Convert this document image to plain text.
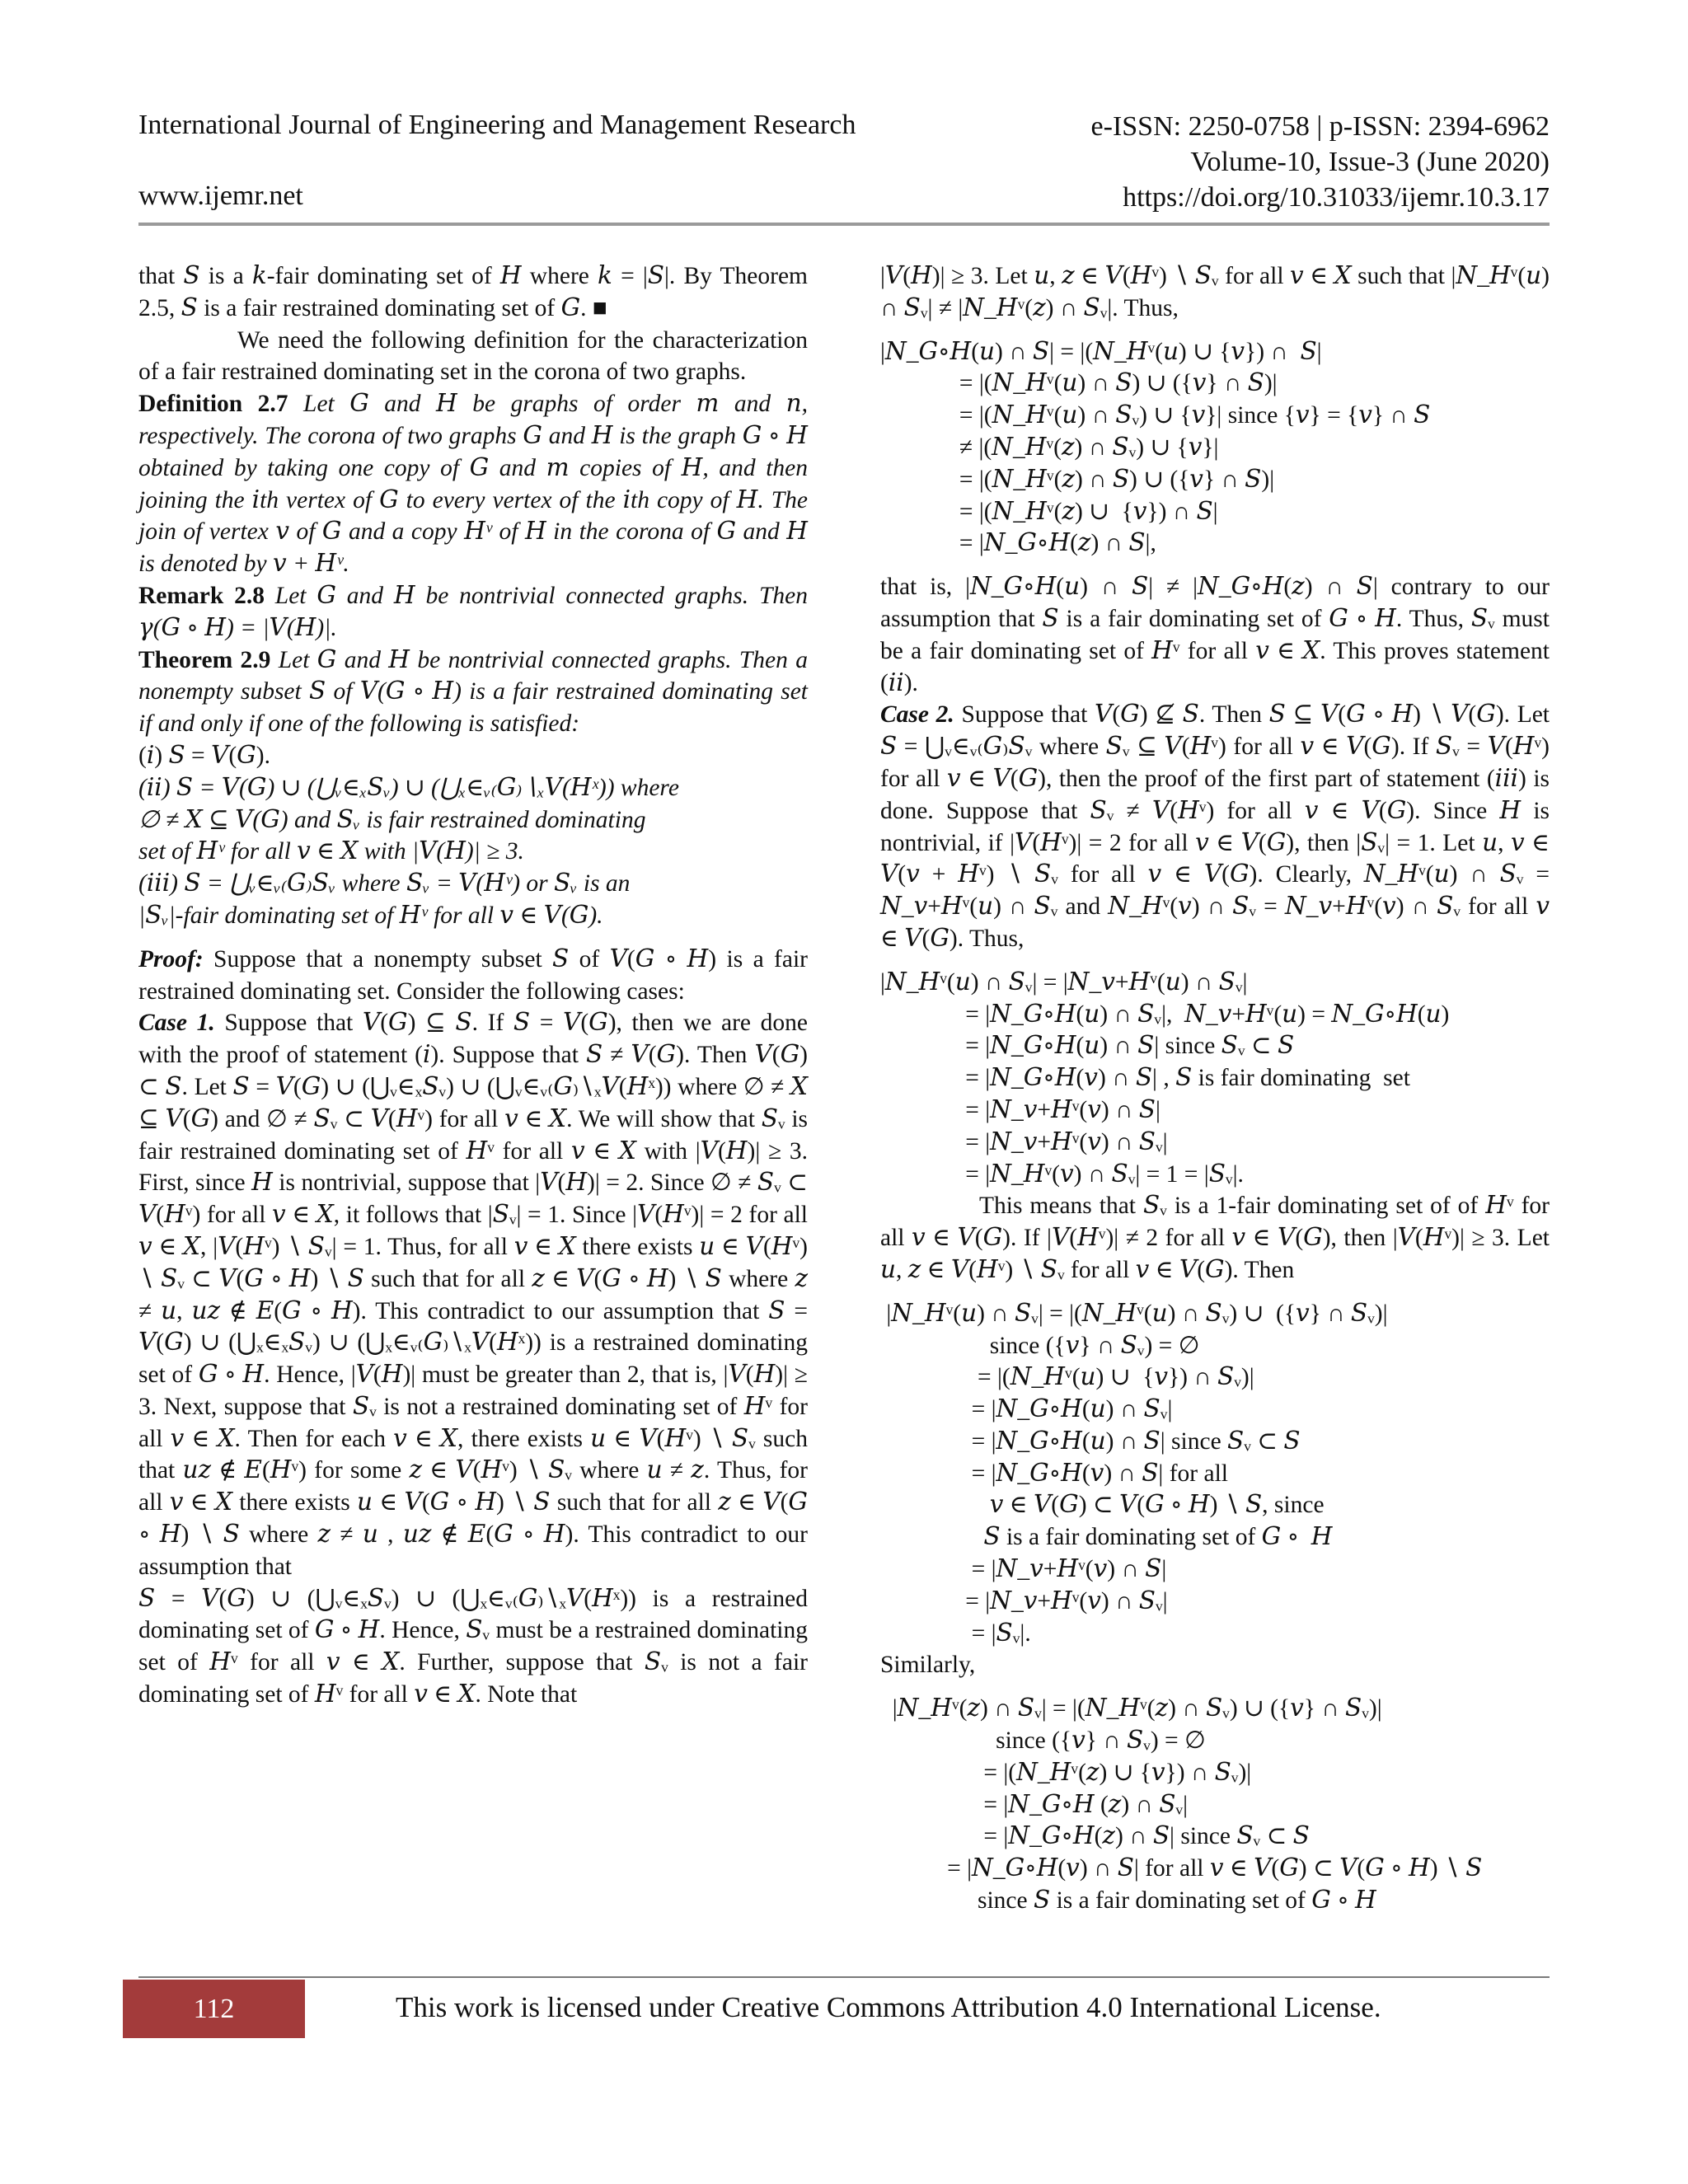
International Journal of Engineering and Management Research
www.ijemr.net
e-ISSN: 2250-0758 | p-ISSN: 2394-6962
Volume-10, Issue-3 (June 2020)
https://doi.org/10.31033/ijemr.10.3.17

that 𝑆 is a 𝑘-fair dominating set of 𝐻 where 𝑘 = |𝑆|. By Theorem 2.5, 𝑆 is a fair restrained dominating set of 𝐺. ■

We need the following definition for the characterization of a fair restrained dominating set in the corona of two graphs.

Definition 2.7 Let 𝐺 and 𝐻 be graphs of order 𝑚 and 𝑛, respectively. The corona of two graphs 𝐺 and 𝐻 is the graph 𝐺 ∘ 𝐻 obtained by taking one copy of 𝐺 and 𝑚 copies of 𝐻, and then joining the 𝑖th vertex of 𝐺 to every vertex of the 𝑖th copy of 𝐻. The join of vertex 𝑣 of 𝐺 and a copy 𝐻ᵛ of 𝐻 in the corona of 𝐺 and 𝐻 is denoted by 𝑣 + 𝐻ᵛ.

Remark 2.8 Let 𝐺 and 𝐻 be nontrivial connected graphs. Then 𝛾(𝐺 ∘ 𝐻) = |𝑉(𝐻)|.

Theorem 2.9 Let 𝐺 and 𝐻 be nontrivial connected graphs. Then a nonempty subset 𝑆 of 𝑉(𝐺 ∘ 𝐻) is a fair restrained dominating set if and only if one of the following is satisfied:

(𝑖) 𝑆 = 𝑉(𝐺).

(𝑖𝑖) 𝑆 = 𝑉(𝐺) ∪ (⋃ᵥ∈ₓ𝑆ᵥ) ∪ (⋃ₓ∈ᵥ₍𝐺₎∖ₓ𝑉(𝐻ˣ)) where

∅ ≠ 𝑋 ⊆ 𝑉(𝐺) and 𝑆ᵥ is fair restrained dominating

set of 𝐻ᵛ for all 𝑣 ∈ 𝑋 with |𝑉(𝐻)| ≥ 3.

(𝑖𝑖𝑖) 𝑆 = ⋃ᵥ∈ᵥ₍𝐺₎𝑆ᵥ where 𝑆ᵥ = 𝑉(𝐻ᵛ) or 𝑆ᵥ is an

|𝑆ᵥ|-fair dominating set of 𝐻ᵛ for all 𝑣 ∈ 𝑉(𝐺).

Proof: Suppose that a nonempty subset 𝑆 of 𝑉(𝐺 ∘ 𝐻) is a fair restrained dominating set. Consider the following cases:

Case 1. Suppose that 𝑉(𝐺) ⊆ 𝑆. If 𝑆 = 𝑉(𝐺), then we are done with the proof of statement (𝑖). Suppose that 𝑆 ≠ 𝑉(𝐺). Then 𝑉(𝐺) ⊂ 𝑆. Let 𝑆 = 𝑉(𝐺) ∪ (⋃ᵥ∈ₓ𝑆ᵥ) ∪ (⋃ᵥ∈ᵥ₍𝐺₎∖ₓ𝑉(𝐻ˣ)) where ∅ ≠ 𝑋 ⊆ 𝑉(𝐺) and ∅ ≠ 𝑆ᵥ ⊂ 𝑉(𝐻ᵛ) for all 𝑣 ∈ 𝑋. We will show that 𝑆ᵥ is fair restrained dominating set of 𝐻ᵛ for all 𝑣 ∈ 𝑋 with |𝑉(𝐻)| ≥ 3. First, since 𝐻 is nontrivial, suppose that |𝑉(𝐻)| = 2. Since ∅ ≠ 𝑆ᵥ ⊂ 𝑉(𝐻ᵛ) for all 𝑣 ∈ 𝑋, it follows that |𝑆ᵥ| = 1. Since |𝑉(𝐻ᵛ)| = 2 for all 𝑣 ∈ 𝑋, |𝑉(𝐻ᵛ) ∖ 𝑆ᵥ| = 1. Thus, for all 𝑣 ∈ 𝑋 there exists 𝑢 ∈ 𝑉(𝐻ᵛ) ∖ 𝑆ᵥ ⊂ 𝑉(𝐺 ∘ 𝐻) ∖ 𝑆 such that for all 𝑧 ∈ 𝑉(𝐺 ∘ 𝐻) ∖ 𝑆 where 𝑧 ≠ 𝑢, 𝑢𝑧 ∉ 𝐸(𝐺 ∘ 𝐻). This contradict to our assumption that 𝑆 = 𝑉(𝐺) ∪ (⋃ₓ∈ₓ𝑆ᵥ) ∪ (⋃ₓ∈ᵥ₍𝐺₎∖ₓ𝑉(𝐻ˣ)) is a restrained dominating set of 𝐺 ∘ 𝐻. Hence, |𝑉(𝐻)| must be greater than 2, that is, |𝑉(𝐻)| ≥ 3. Next, suppose that 𝑆ᵥ is not a restrained dominating set of 𝐻ᵛ for all 𝑣 ∈ 𝑋. Then for each 𝑣 ∈ 𝑋, there exists 𝑢 ∈ 𝑉(𝐻ᵛ) ∖ 𝑆ᵥ such that 𝑢𝑧 ∉ 𝐸(𝐻ᵛ) for some 𝑧 ∈ 𝑉(𝐻ᵛ) ∖ 𝑆ᵥ where 𝑢 ≠ 𝑧. Thus, for all 𝑣 ∈ 𝑋 there exists 𝑢 ∈ 𝑉(𝐺 ∘ 𝐻) ∖ 𝑆 such that for all 𝑧 ∈ 𝑉(𝐺 ∘ 𝐻) ∖ 𝑆 where 𝑧 ≠ 𝑢 , 𝑢𝑧 ∉ 𝐸(𝐺 ∘ 𝐻). This contradict to our assumption that

𝑆 = 𝑉(𝐺) ∪ (⋃ᵥ∈ₓ𝑆ᵥ) ∪ (⋃ₓ∈ᵥ₍𝐺₎∖ₓ𝑉(𝐻ˣ)) is a restrained dominating set of 𝐺 ∘ 𝐻. Hence, 𝑆ᵥ must be a restrained dominating set of 𝐻ᵛ for all 𝑣 ∈ 𝑋. Further, suppose that 𝑆ᵥ is not a fair dominating set of 𝐻ᵛ for all 𝑣 ∈ 𝑋. Note that

|𝑉(𝐻)| ≥ 3. Let 𝑢, 𝑧 ∈ 𝑉(𝐻ᵛ) ∖ 𝑆ᵥ for all 𝑣 ∈ 𝑋 such that |𝑁_𝐻ᵛ(𝑢) ∩ 𝑆ᵥ| ≠ |𝑁_𝐻ᵛ(𝑧) ∩ 𝑆ᵥ|. Thus,

|𝑁_𝐺∘𝐻(𝑢) ∩ 𝑆| = |(𝑁_𝐻ᵛ(𝑢) ∪ {𝑣}) ∩  𝑆|
= |(𝑁_𝐻ᵛ(𝑢) ∩ 𝑆) ∪ ({𝑣} ∩ 𝑆)|
= |(𝑁_𝐻ᵛ(𝑢) ∩ 𝑆ᵥ) ∪ {𝑣}| since {𝑣} = {𝑣} ∩ 𝑆
≠ |(𝑁_𝐻ᵛ(𝑧) ∩ 𝑆ᵥ) ∪ {𝑣}|
= |(𝑁_𝐻ᵛ(𝑧) ∩ 𝑆) ∪ ({𝑣} ∩ 𝑆)|
= |(𝑁_𝐻ᵛ(𝑧) ∪  {𝑣}) ∩ 𝑆|
= |𝑁_𝐺∘𝐻(𝑧) ∩ 𝑆|,

that is, |𝑁_𝐺∘𝐻(𝑢) ∩ 𝑆| ≠ |𝑁_𝐺∘𝐻(𝑧) ∩ 𝑆| contrary to our assumption that 𝑆 is a fair dominating set of 𝐺 ∘ 𝐻. Thus, 𝑆ᵥ must be a fair dominating set of 𝐻ᵛ for all 𝑣 ∈ 𝑋. This proves statement (𝑖𝑖).

Case 2. Suppose that 𝑉(𝐺) ⊈ 𝑆. Then 𝑆 ⊆ 𝑉(𝐺 ∘ 𝐻) ∖ 𝑉(𝐺). Let 𝑆 = ⋃ᵥ∈ᵥ₍𝐺₎𝑆ᵥ where 𝑆ᵥ ⊆ 𝑉(𝐻ᵛ) for all 𝑣 ∈ 𝑉(𝐺). If 𝑆ᵥ = 𝑉(𝐻ᵛ) for all 𝑣 ∈ 𝑉(𝐺), then the proof of the first part of statement (𝑖𝑖𝑖) is done. Suppose that 𝑆ᵥ ≠ 𝑉(𝐻ᵛ) for all 𝑣 ∈ 𝑉(𝐺). Since 𝐻 is nontrivial, if |𝑉(𝐻ᵛ)| = 2 for all 𝑣 ∈ 𝑉(𝐺), then |𝑆ᵥ| = 1. Let 𝑢, 𝑣 ∈ 𝑉(𝑣 + 𝐻ᵛ) ∖ 𝑆ᵥ for all 𝑣 ∈ 𝑉(𝐺). Clearly, 𝑁_𝐻ᵛ(𝑢) ∩ 𝑆ᵥ = 𝑁_𝑣+𝐻ᵛ(𝑢) ∩ 𝑆ᵥ and 𝑁_𝐻ᵛ(𝑣) ∩ 𝑆ᵥ = 𝑁_𝑣+𝐻ᵛ(𝑣) ∩ 𝑆ᵥ for all 𝑣 ∈ 𝑉(𝐺). Thus,

|𝑁_𝐻ᵛ(𝑢) ∩ 𝑆ᵥ| = |𝑁_𝑣+𝐻ᵛ(𝑢) ∩ 𝑆ᵥ|
= |𝑁_𝐺∘𝐻(𝑢) ∩ 𝑆ᵥ|,  𝑁_𝑣+𝐻ᵛ(𝑢) = 𝑁_𝐺∘𝐻(𝑢)
= |𝑁_𝐺∘𝐻(𝑢) ∩ 𝑆| since 𝑆ᵥ ⊂ 𝑆
= |𝑁_𝐺∘𝐻(𝑣) ∩ 𝑆| , 𝑆 is fair dominating  set
= |𝑁_𝑣+𝐻ᵛ(𝑣) ∩ 𝑆|
= |𝑁_𝑣+𝐻ᵛ(𝑣) ∩ 𝑆ᵥ|
= |𝑁_𝐻ᵛ(𝑣) ∩ 𝑆ᵥ| = 1 = |𝑆ᵥ|.

This means that 𝑆ᵥ is a 1-fair dominating set of of 𝐻ᵛ for all 𝑣 ∈ 𝑉(𝐺). If |𝑉(𝐻ᵛ)| ≠ 2 for all 𝑣 ∈ 𝑉(𝐺), then |𝑉(𝐻ᵛ)| ≥ 3. Let 𝑢, 𝑧 ∈ 𝑉(𝐻ᵛ) ∖ 𝑆ᵥ for all 𝑣 ∈ 𝑉(𝐺). Then

|𝑁_𝐻ᵛ(𝑢) ∩ 𝑆ᵥ| = |(𝑁_𝐻ᵛ(𝑢) ∩ 𝑆ᵥ) ∪  ({𝑣} ∩ 𝑆ᵥ)|
since ({𝑣} ∩ 𝑆ᵥ) = ∅
= |(𝑁_𝐻ᵛ(𝑢) ∪  {𝑣}) ∩ 𝑆ᵥ)|
= |𝑁_𝐺∘𝐻(𝑢) ∩ 𝑆ᵥ|
= |𝑁_𝐺∘𝐻(𝑢) ∩ 𝑆| since 𝑆ᵥ ⊂ 𝑆
= |𝑁_𝐺∘𝐻(𝑣) ∩ 𝑆| for all
𝑣 ∈ 𝑉(𝐺) ⊂ 𝑉(𝐺 ∘ 𝐻) ∖ 𝑆, since
𝑆 is a fair dominating set of 𝐺 ∘  𝐻
= |𝑁_𝑣+𝐻ᵛ(𝑣) ∩ 𝑆|
= |𝑁_𝑣+𝐻ᵛ(𝑣) ∩ 𝑆ᵥ|
= |𝑆ᵥ|.

Similarly,

|𝑁_𝐻ᵛ(𝑧) ∩ 𝑆ᵥ| = |(𝑁_𝐻ᵛ(𝑧) ∩ 𝑆ᵥ) ∪ ({𝑣} ∩ 𝑆ᵥ)|
since ({𝑣} ∩ 𝑆ᵥ) = ∅
= |(𝑁_𝐻ᵛ(𝑧) ∪ {𝑣}) ∩ 𝑆ᵥ)|
= |𝑁_𝐺∘𝐻 (𝑧) ∩ 𝑆ᵥ|
= |𝑁_𝐺∘𝐻(𝑧) ∩ 𝑆| since 𝑆ᵥ ⊂ 𝑆
= |𝑁_𝐺∘𝐻(𝑣) ∩ 𝑆| for all 𝑣 ∈ 𝑉(𝐺) ⊂ 𝑉(𝐺 ∘ 𝐻) ∖ 𝑆
since 𝑆 is a fair dominating set of 𝐺 ∘ 𝐻
112	This work is licensed under Creative Commons Attribution 4.0 International License.
